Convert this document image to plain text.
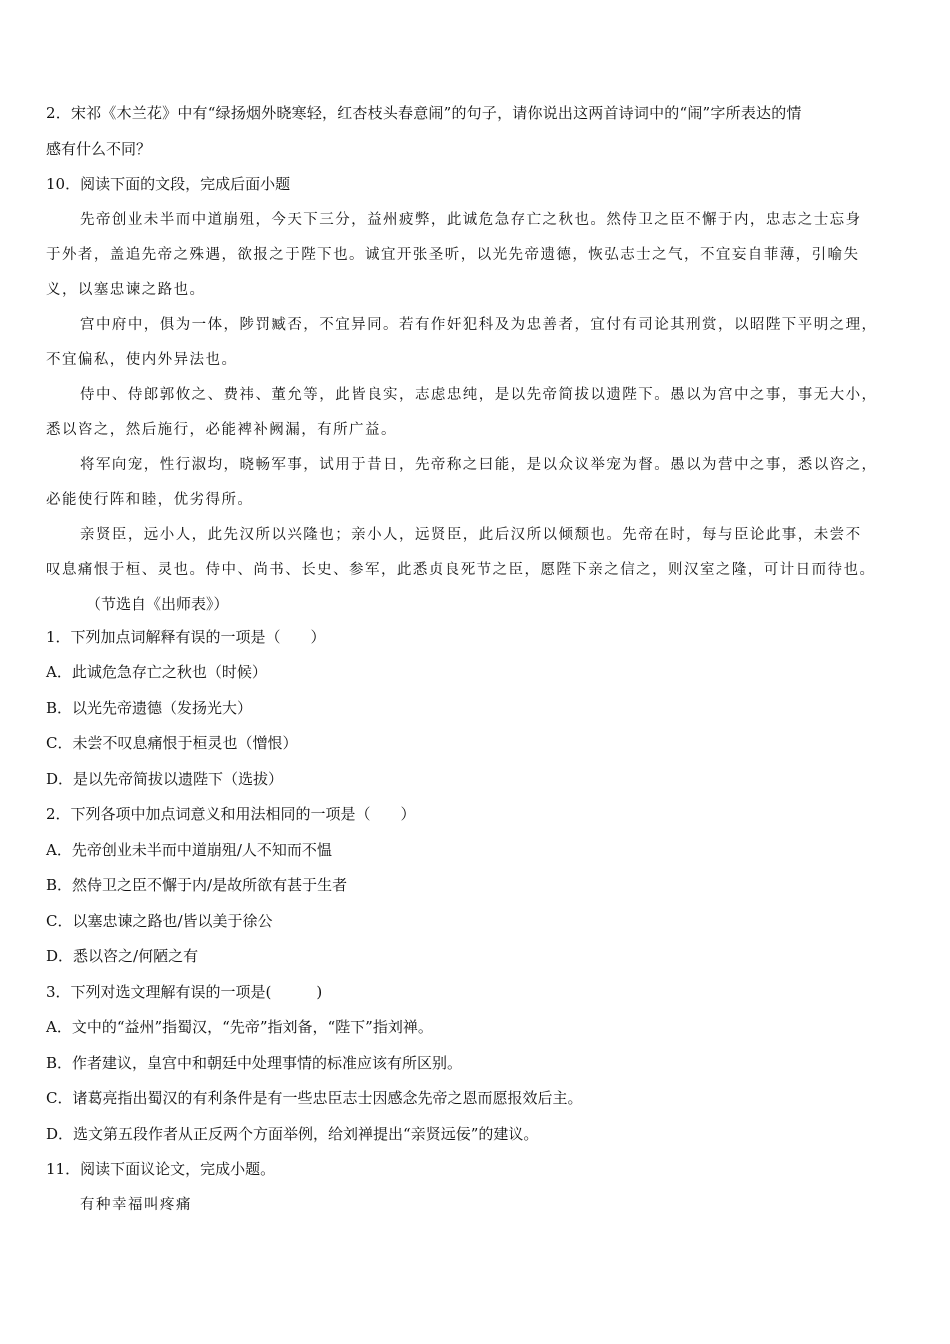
2．宋祁《木兰花》中有“绿扬烟外晓寒轻，红杏枝头春意闹”的句子，请你说出这两首诗词中的“闹”字所表达的情
感有什么不同？
10．阅读下面的文段，完成后面小题
先帝创业未半而中道崩殂，今天下三分，益州疲弊，此诚危急存亡之秋也。然侍卫之臣不懈于内，忠志之士忘身
于外者，盖追先帝之殊遇，欲报之于陛下也。诚宜开张圣听，以光先帝遗德，恢弘志士之气，不宜妄自菲薄，引喻失
义，以塞忠谏之路也。
宫中府中，俱为一体，陟罚臧否，不宜异同。若有作奸犯科及为忠善者，宜付有司论其刑赏，以昭陛下平明之理，
不宜偏私，使内外异法也。
侍中、侍郎郭攸之、费祎、董允等，此皆良实，志虑忠纯，是以先帝简拔以遗陛下。愚以为宫中之事，事无大小，
悉以咨之，然后施行，必能裨补阙漏，有所广益。
将军向宠，性行淑均，晓畅军事，试用于昔日，先帝称之曰能，是以众议举宠为督。愚以为营中之事，悉以咨之，
必能使行阵和睦，优劣得所。
亲贤臣，远小人，此先汉所以兴隆也；亲小人，远贤臣，此后汉所以倾颓也。先帝在时，每与臣论此事，未尝不
叹息痛恨于桓、灵也。侍中、尚书、长史、参军，此悉贞良死节之臣，愿陛下亲之信之，则汉室之隆，可计日而待也。
（节选自《出师表》）
1．下列加点词解释有误的一项是（　　）
A．此诚危急存亡之秋也（时候）
B．以光先帝遗德（发扬光大）
C．未尝不叹息痛恨于桓灵也（憎恨）
D．是以先帝简拔以遗陛下（选拔）
2．下列各项中加点词意义和用法相同的一项是（　　）
A．先帝创业未半而中道崩殂/人不知而不愠
B．然侍卫之臣不懈于内/是故所欲有甚于生者
C．以塞忠谏之路也/皆以美于徐公
D．悉以咨之/何陋之有
3．下列对选文理解有误的一项是(　　　)
A．文中的“益州”指蜀汉，“先帝”指刘备，“陛下”指刘禅。
B．作者建议，皇宫中和朝廷中处理事情的标准应该有所区别。
C．诸葛亮指出蜀汉的有利条件是有一些忠臣志士因感念先帝之恩而愿报效后主。
D．选文第五段作者从正反两个方面举例，给刘禅提出“亲贤远佞”的建议。
11．阅读下面议论文，完成小题。
有种幸福叫疼痛
